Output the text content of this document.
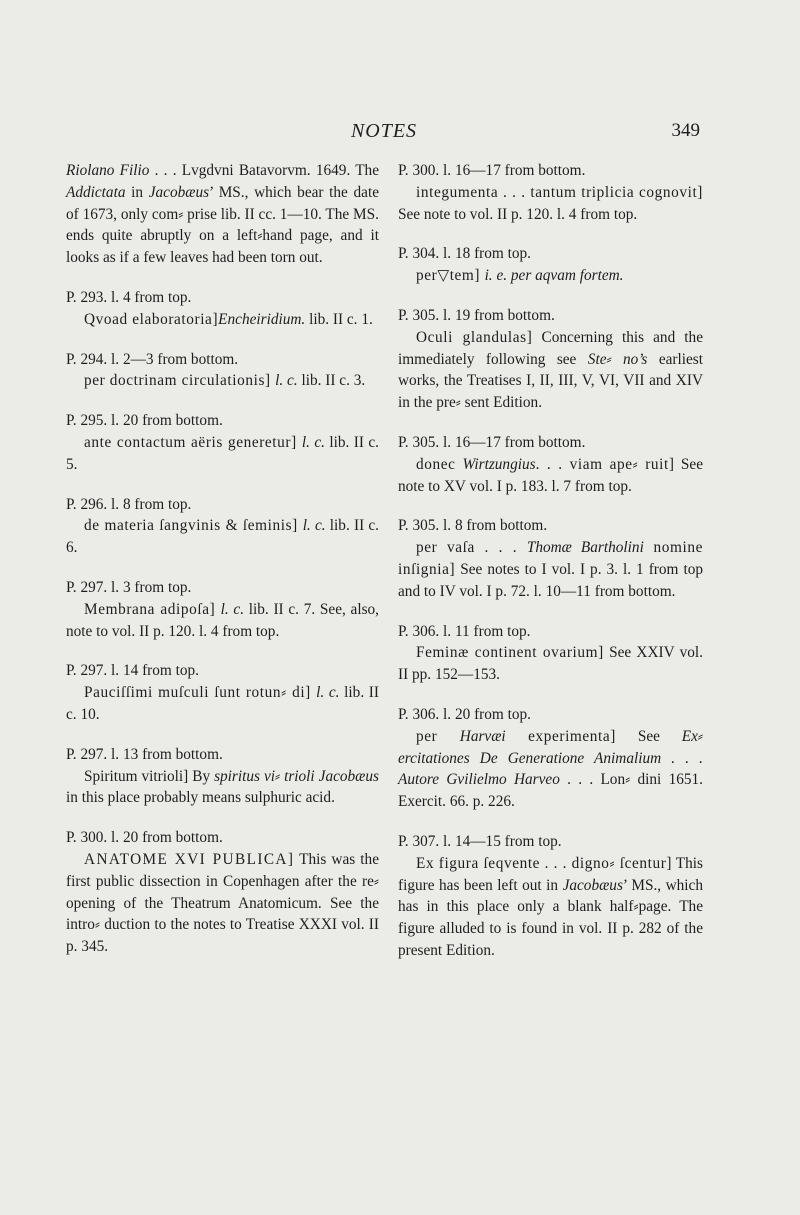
NOTES	349

Riolano Filio . . . Lvgdvni Batavorvm. 1649. The Addictata in Jacobæus’ MS., which bear the date of 1673, only com⸗ prise lib. II cc. 1—10. The MS. ends quite abruptly on a left⸗hand page, and it looks as if a few leaves had been torn out.

P. 293. l. 4 from top.

Qvoad elaboratoria]Encheiridium. lib. II c. 1.

P. 294. l. 2—3 from bottom.

per doctrinam circulationis] l. c. lib. II c. 3.

P. 295. l. 20 from bottom.

ante contactum aëris generetur] l. c. lib. II c. 5.

P. 296. l. 8 from top.

de materia ſangvinis & ſeminis] l. c. lib. II c. 6.

P. 297. l. 3 from top.

Membrana adipoſa] l. c. lib. II c. 7. See, also, note to vol. II p. 120. l. 4 from top.

P. 297. l. 14 from top.

Pauciſſimi muſculi ſunt rotun⸗ di] l. c. lib. II c. 10.

P. 297. l. 13 from bottom.

Spiritum vitrioli] By spiritus vi⸗ trioli Jacobæus in this place probably means sulphuric acid.

P. 300. l. 20 from bottom.

ANATOME XVI PUBLICA] This was the first public dissection in Copenhagen after the re⸗opening of the Theatrum Anatomicum. See the intro⸗ duction to the notes to Treatise XXXI vol. II p. 345.

P. 300. l. 16—17 from bottom.

integumenta . . . tantum triplicia cognovit] See note to vol. II p. 120. l. 4 from top.

P. 304. l. 18 from top.

per▽tem] i. e. per aqvam fortem.

P. 305. l. 19 from bottom.

Oculi glandulas] Concerning this and the immediately following see Ste⸗ no’s earliest works, the Treatises I, II, III, V, VI, VII and XIV in the pre⸗ sent Edition.

P. 305. l. 16—17 from bottom.

donec Wirtzungius. . . viam ape⸗ ruit] See note to XV vol. I p. 183. l. 7 from top.

P. 305. l. 8 from bottom.

per vaſa . . . Thomæ Bartholini nomine inſignia] See notes to I vol. I p. 3. l. 1 from top and to IV vol. I p. 72. l. 10—11 from bottom.

P. 306. l. 11 from top.

Feminæ continent ovarium] See XXIV vol. II pp. 152—153.

P. 306. l. 20 from top.

per Harvæi experimenta] See Ex⸗ ercitationes De Generatione Animalium . . . Autore Gvilielmo Harveo . . . Lon⸗ dini 1651. Exercit. 66. p. 226.

P. 307. l. 14—15 from top.

Ex figura ſeqvente . . . digno⸗ ſcentur] This figure has been left out in Jacobæus’ MS., which has in this place only a blank half⸗page. The figure alluded to is found in vol. II p. 282 of the present Edition.
